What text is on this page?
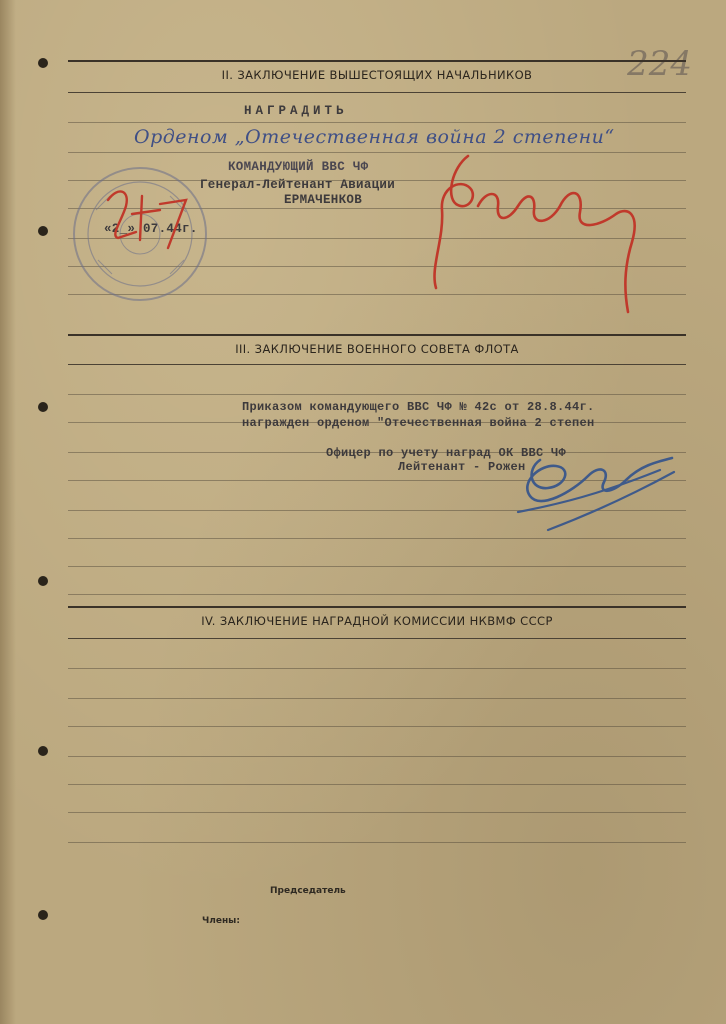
224
II. ЗАКЛЮЧЕНИЕ ВЫШЕСТОЯЩИХ НАЧАЛЬНИКОВ
НАГРАДИТЬ
Орденом „Отечественная война 2 степени“
КОМАНДУЮЩИЙ ВВС ЧФ
Генерал-Лейтенант Авиации
ЕРМАЧЕНКОВ
«2_» 07.44г.
III. ЗАКЛЮЧЕНИЕ ВОЕННОГО СОВЕТА ФЛОТА
Приказом командующего ВВС ЧФ № 42с от 28.8.44г.
награжден орденом "Отечественная война 2 степен
Офицер по учету наград ОК ВВС ЧФ
Лейтенант - Рожен
IV. ЗАКЛЮЧЕНИЕ НАГРАДНОЙ КОМИССИИ НКВМФ СССР
Председатель
Члены:
